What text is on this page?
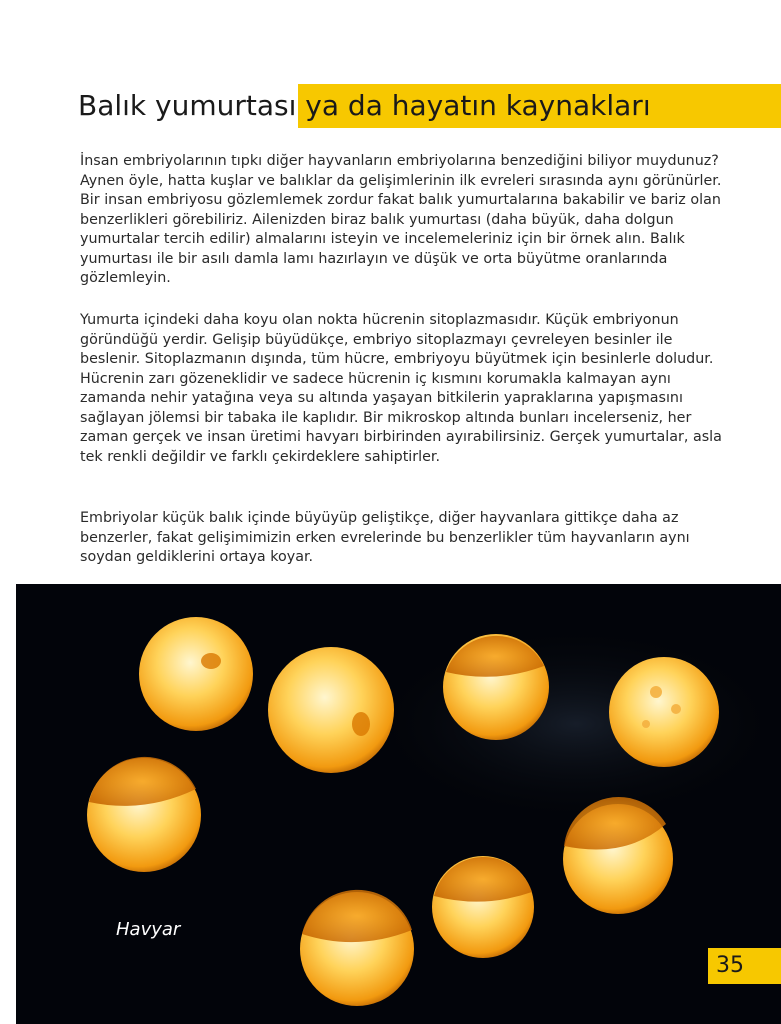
Balık yumurtası ya da hayatın kaynakları

İnsan embriyolarının tıpkı diğer hayvanların embriyolarına benzediğini biliyor muydunuz? Aynen öyle, hatta kuşlar ve balıklar da gelişimlerinin ilk evreleri sırasında aynı görünürler. Bir insan embriyosu gözlemlemek zordur fakat balık yumurtalarına bakabilir ve bariz olan benzerlikleri görebiliriz. Ailenizden biraz balık yumurtası (daha büyük, daha dolgun yumurtalar tercih edilir) almalarını isteyin ve incelemeleriniz için bir örnek alın. Balık yumurtası ile bir asılı damla lamı hazırlayın ve düşük ve orta büyütme oranlarında gözlemleyin.

Yumurta içindeki daha koyu olan nokta hücrenin sitoplazmasıdır. Küçük embriyonun göründüğü yerdir. Gelişip büyüdükçe, embriyo sitoplazmayı çevreleyen besinler ile beslenir. Sitoplazmanın dışında, tüm hücre, embriyoyu büyütmek için besinlerle doludur. Hücrenin zarı gözeneklidir ve sadece hücrenin iç kısmını korumakla kalmayan aynı zamanda nehir yatağına veya su altında yaşayan bitkilerin yapraklarına yapışmasını sağlayan jölemsi bir tabaka ile kaplıdır. Bir mikroskop altında bunları incelerseniz, her zaman gerçek ve insan üretimi havyarı birbirinden ayırabilirsiniz. Gerçek yumurtalar, asla tek renkli değildir ve farklı çekirdeklere sahiptirler.

Embriyolar küçük balık içinde büyüyüp geliştikçe, diğer hayvanlara gittikçe daha az benzerler, fakat gelişimimizin erken evrelerinde bu benzerlikler tüm hayvanların aynı soydan geldiklerini ortaya koyar.

Havyar
35
